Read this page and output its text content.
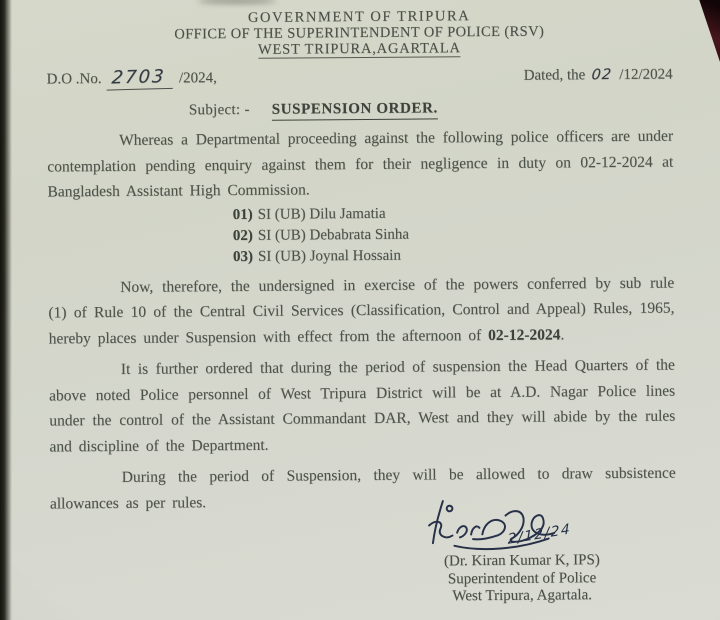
GOVERNMENT OF TRIPURA
OFFICE OF THE SUPERINTENDENT OF POLICE (RSV)
WEST TRIPURA,AGARTALA
D.O .No. 2703 /2024,	Dated, the 02 /12/2024
Subject: - SUSPENSION ORDER.

Whereas a Departmental proceeding against the following police officers are under contemplation pending enquiry against them for their negligence in duty on 02-12-2024 at Bangladesh Assistant High Commission.

01) SI (UB) Dilu Jamatia
02) SI (UB) Debabrata Sinha
03) SI (UB) Joynal Hossain

Now, therefore, the undersigned in exercise of the powers conferred by sub rule (1) of Rule 10 of the Central Civil Services (Classification, Control and Appeal) Rules, 1965, hereby places under Suspension with effect from the afternoon of 02-12-2024.

It is further ordered that during the period of suspension the Head Quarters of the above noted Police personnel of West Tripura District will be at A.D. Nagar Police lines under the control of the Assistant Commandant DAR, West and they will abide by the rules and discipline of the Department.

During the period of Suspension, they will be allowed to draw subsistence allowances as per rules.

2/12/24
(Dr. Kiran Kumar K, IPS)
Superintendent of Police
West Tripura, Agartala.
